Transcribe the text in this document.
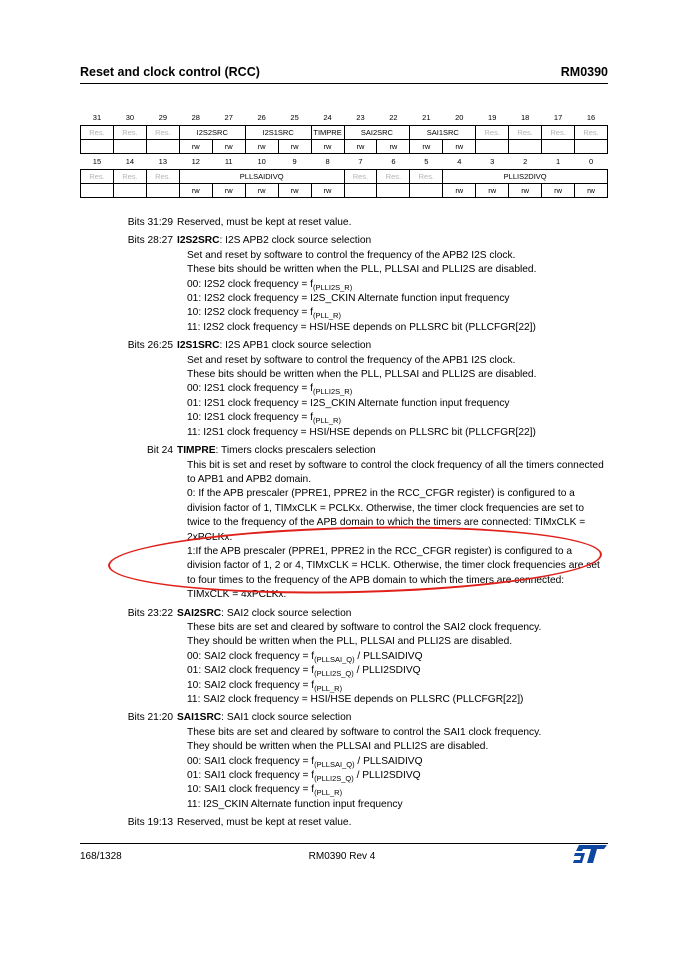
Reset and clock control (RCC)	RM0390
31	30	29	28	27	26	25	24	23	22	21	20	19	18	17	16
Res.	Res.	Res.	I2S2SRC		I2S1SRC		TIMPRE	SAI2SRC		SAI1SRC		Res.	Res.	Res.	Res.
			rw	rw	rw	rw	rw	rw	rw	rw	rw				
15	14	13	12	11	10	9	8	7	6	5	4	3	2	1	0
Res.	Res.	Res.	PLLSAIDIVQ					Res.	Res.	Res.	PLLIS2DIVQ				
			rw	rw	rw	rw	rw				rw	rw	rw	rw	rw
Bits 31:29 Reserved, must be kept at reset value.
Bits 28:27 I2S2SRC: I2S APB2 clock source selection
Set and reset by software to control the frequency of the APB2 I2S clock.
These bits should be written when the PLL, PLLSAI and PLLI2S are disabled.
00: I2S2 clock frequency = $f_{(PLLI2S\_R)}$
01: I2S2 clock frequency = I2S_CKIN Alternate function input frequency
10: I2S2 clock frequency = $f_{(PLL\_R)}$
11: I2S2 clock frequency = HSI/HSE depends on PLLSRC bit (PLLCFGR[22])
Bits 26:25 I2S1SRC: I2S APB1 clock source selection
Set and reset by software to control the frequency of the APB1 I2S clock.
These bits should be written when the PLL, PLLSAI and PLLI2S are disabled.
00: I2S1 clock frequency = $f_{(PLLI2S\_R)}$
01: I2S1 clock frequency = I2S_CKIN Alternate function input frequency
10: I2S1 clock frequency = $f_{(PLL\_R)}$
11: I2S1 clock frequency = HSI/HSE depends on PLLSRC bit (PLLCFGR[22])
Bit 24 TIMPRE: Timers clocks prescalers selection
This bit is set and reset by software to control the clock frequency of all the timers connected to APB1 and APB2 domain.
0: If the APB prescaler (PPRE1, PPRE2 in the RCC_CFGR register) is configured to a division factor of 1, TIMxCLK = PCLKx. Otherwise, the timer clock frequencies are set to twice to the frequency of the APB domain to which the timers are connected: TIMxCLK = 2xPCLKx.
1:If the APB prescaler (PPRE1, PPRE2 in the RCC_CFGR register) is configured to a division factor of 1, 2 or 4, TIMxCLK = HCLK. Otherwise, the timer clock frequencies are set to four times to the frequency of the APB domain to which the timers are connected: TIMxCLK = 4xPCLKx.
Bits 23:22 SAI2SRC: SAI2 clock source selection
These bits are set and cleared by software to control the SAI2 clock frequency.
They should be written when the PLL, PLLSAI and PLLI2S are disabled.
00: SAI2 clock frequency = $f_{(PLLSAI\_Q)}$ / PLLSAIDIVQ
01: SAI2 clock frequency = $f_{(PLLI2S\_Q)}$ / PLLI2SDIVQ
10: SAI2 clock frequency = $f_{(PLL\_R)}$
11: SAI2 clock frequency = HSI/HSE depends on PLLSRC (PLLCFGR[22])
Bits 21:20 SAI1SRC: SAI1 clock source selection
These bits are set and cleared by software to control the SAI1 clock frequency.
They should be written when the PLLSAI and PLLI2S are disabled.
00: SAI1 clock frequency = $f_{(PLLSAI\_Q)}$ / PLLSAIDIVQ
01: SAI1 clock frequency = $f_{(PLLI2S\_Q)}$ / PLLI2SDIVQ
10: SAI1 clock frequency = $f_{(PLL\_R)}$
11: I2S_CKIN Alternate function input frequency
Bits 19:13 Reserved, must be kept at reset value.
168/1328	RM0390 Rev 4
